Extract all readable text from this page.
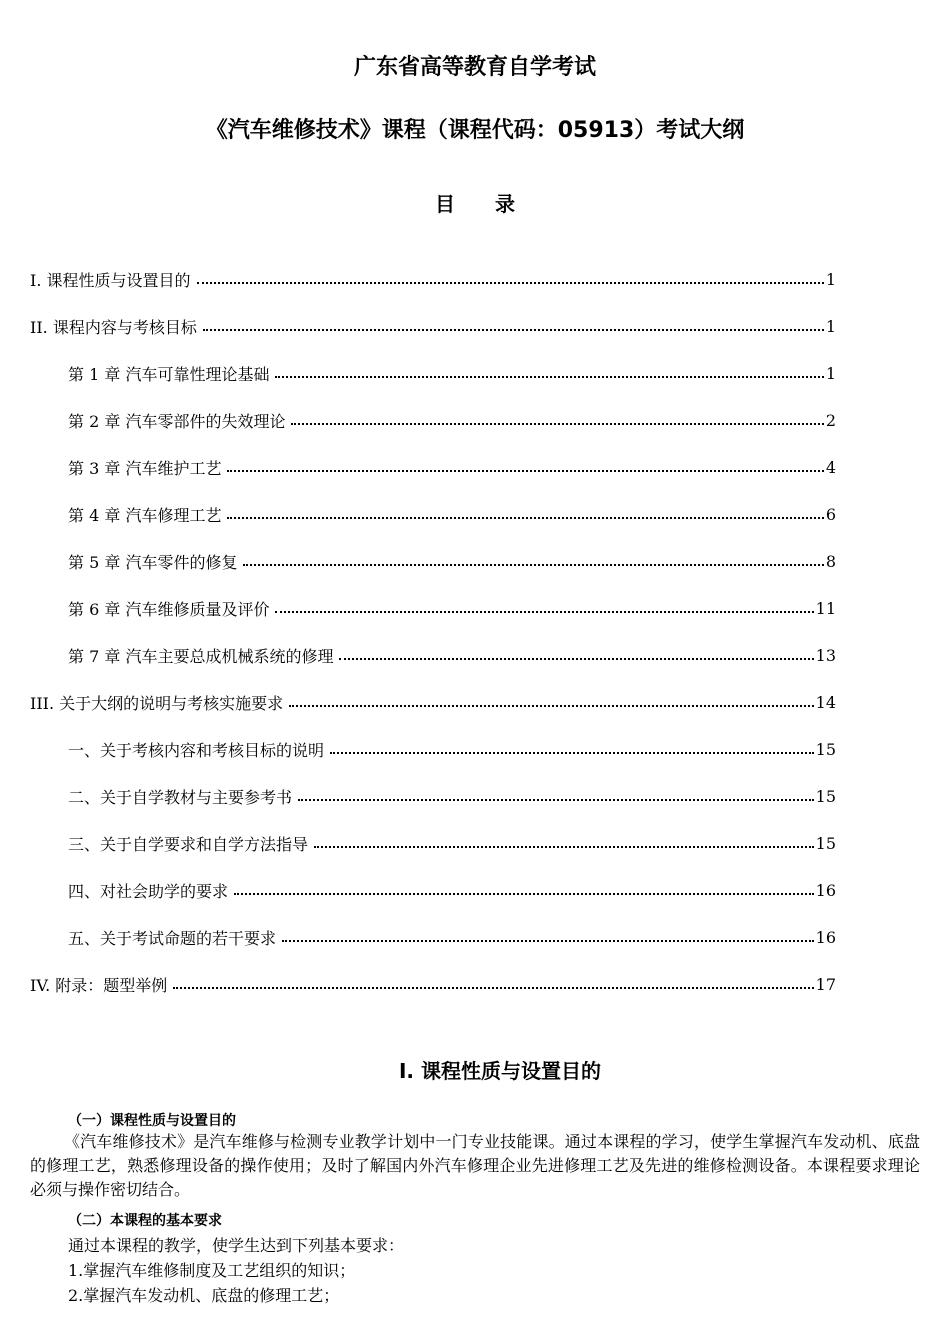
广东省高等教育自学考试
《汽车维修技术》课程（课程代码：05913）考试大纲
目录
I. 课程性质与设置目的	1
II. 课程内容与考核目标	1
第 1 章 汽车可靠性理论基础	1
第 2 章 汽车零部件的失效理论	2
第 3 章 汽车维护工艺	4
第 4 章 汽车修理工艺	6
第 5 章 汽车零件的修复	8
第 6 章 汽车维修质量及评价	11
第 7 章 汽车主要总成机械系统的修理	13
III. 关于大纲的说明与考核实施要求	14
一、关于考核内容和考核目标的说明	15
二、关于自学教材与主要参考书	15
三、关于自学要求和自学方法指导	15
四、对社会助学的要求	16
五、关于考试命题的若干要求	16
IV. 附录：题型举例	17
I. 课程性质与设置目的
（一）课程性质与设置目的
《汽车维修技术》是汽车维修与检测专业教学计划中一门专业技能课。通过本课程的学习，使学生掌握汽车发动机、底盘的修理工艺，熟悉修理设备的操作使用；及时了解国内外汽车修理企业先进修理工艺及先进的维修检测设备。本课程要求理论必须与操作密切结合。
（二）本课程的基本要求
通过本课程的教学，使学生达到下列基本要求：
1.掌握汽车维修制度及工艺组织的知识；
2.掌握汽车发动机、底盘的修理工艺；
